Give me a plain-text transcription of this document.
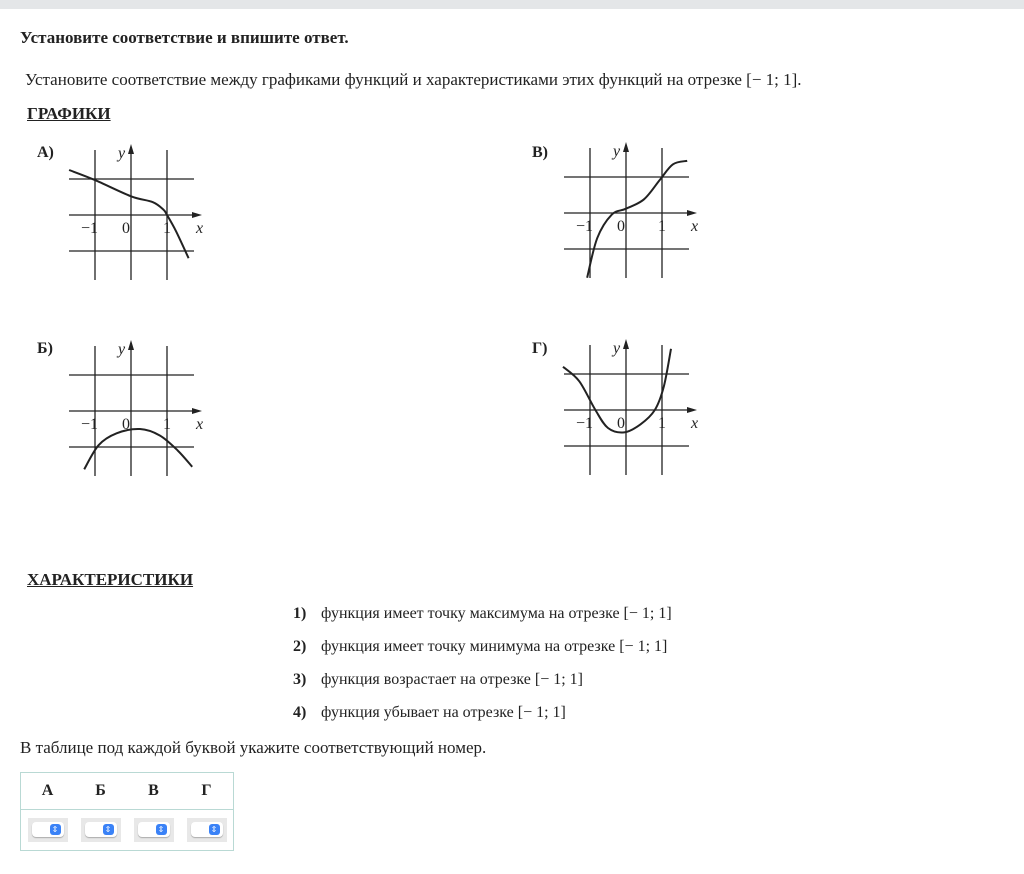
Установите соответствие и впишите ответ.
Установите соответствие между графиками функций и характеристиками этих функций на отрезке [− 1; 1].
ГРАФИКИ
А)	В)
Б)	Г)
−1 0 1 x
y
−1 0 1 x
y
−1 0 1 x
y
−1 0 1 x
y
ХАРАКТЕРИСТИКИ
1) функция имеет точку максимума на отрезке [− 1; 1]
2) функция имеет точку минимума на отрезке [− 1; 1]
3) функция возрастает на отрезке [− 1; 1]
4) функция убывает на отрезке [− 1; 1]
В таблице под каждой буквой укажите соответствующий номер.
А	Б	В	Г

⇕	⇕	⇕	⇕
